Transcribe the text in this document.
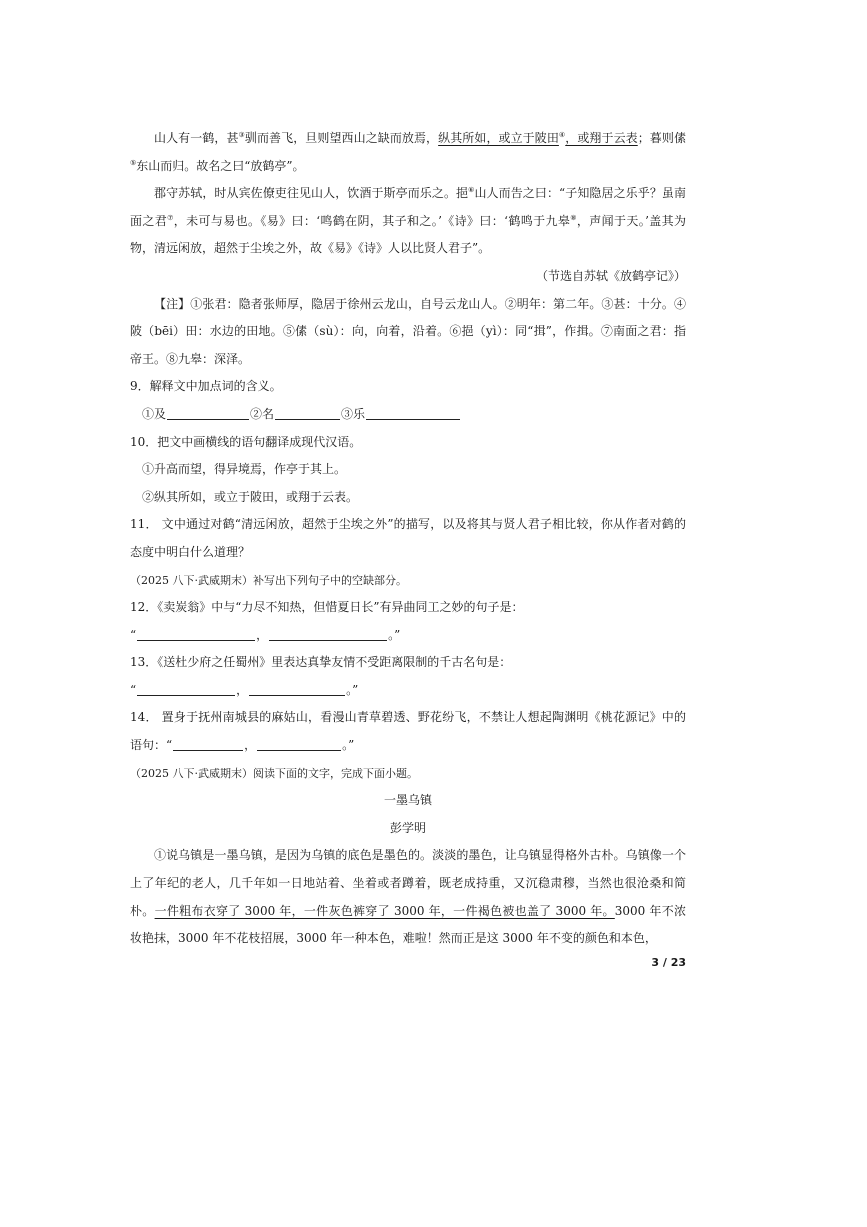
山人有一鹤，甚③驯而善飞，旦则望西山之缺而放焉，纵其所如，或立于陂田④，或翔于云表；暮则傃⑤东山而归。故名之曰“放鹤亭”。

郡守苏轼，时从宾佐僚吏往见山人，饮酒于斯亭而乐之。挹⑥山人而告之曰：“子知隐居之乐乎？虽南面之君⑦，未可与易也。《易》曰：‘鸣鹤在阴，其子和之。’《诗》曰：‘鹤鸣于九皋⑧，声闻于天。’盖其为物，清远闲放，超然于尘埃之外，故《易》《诗》人以比贤人君子”。

（节选自苏轼《放鹤亭记》）

【注】①张君：隐者张师厚，隐居于徐州云龙山，自号云龙山人。②明年：第二年。③甚：十分。④陂（bēi）田：水边的田地。⑤傃（sù）：向，向着，沿着。⑥挹（yì）：同“揖”，作揖。⑦南面之君：指帝王。⑧九皋：深泽。

9．解释文中加点词的含义。

①及	②名	③乐

10．把文中画横线的语句翻译成现代汉语。

①升高而望，得异境焉，作亭于其上。

②纵其所如，或立于陂田，或翔于云表。

11． 文中通过对鹤“清远闲放，超然于尘埃之外”的描写，以及将其与贤人君子相比较，你从作者对鹤的态度中明白什么道理？

（2025 八下·武威期末）补写出下列句子中的空缺部分。

12．《卖炭翁》中与“力尽不知热，但惜夏日长”有异曲同工之妙的句子是：

“	，	。”

13．《送杜少府之任蜀州》里表达真挚友情不受距离限制的千古名句是：

“	，	。”

14． 置身于抚州南城县的麻姑山，看漫山青草碧透、野花纷飞，不禁让人想起陶渊明《桃花源记》中的语句：“	，	。”

（2025 八下·武威期末）阅读下面的文字，完成下面小题。

一墨乌镇

彭学明

①说乌镇是一墨乌镇，是因为乌镇的底色是墨色的。淡淡的墨色，让乌镇显得格外古朴。乌镇像一个上了年纪的老人，几千年如一日地站着、坐着或者蹲着，既老成持重，又沉稳肃穆，当然也很沧桑和简朴。一件粗布衣穿了 3000 年，一件灰色裤穿了 3000 年，一件褐色被也盖了 3000 年。3000 年不浓妆艳抹，3000 年不花枝招展，3000 年一种本色，难啦！然而正是这 3000 年不变的颜色和本色，

3 / 23
